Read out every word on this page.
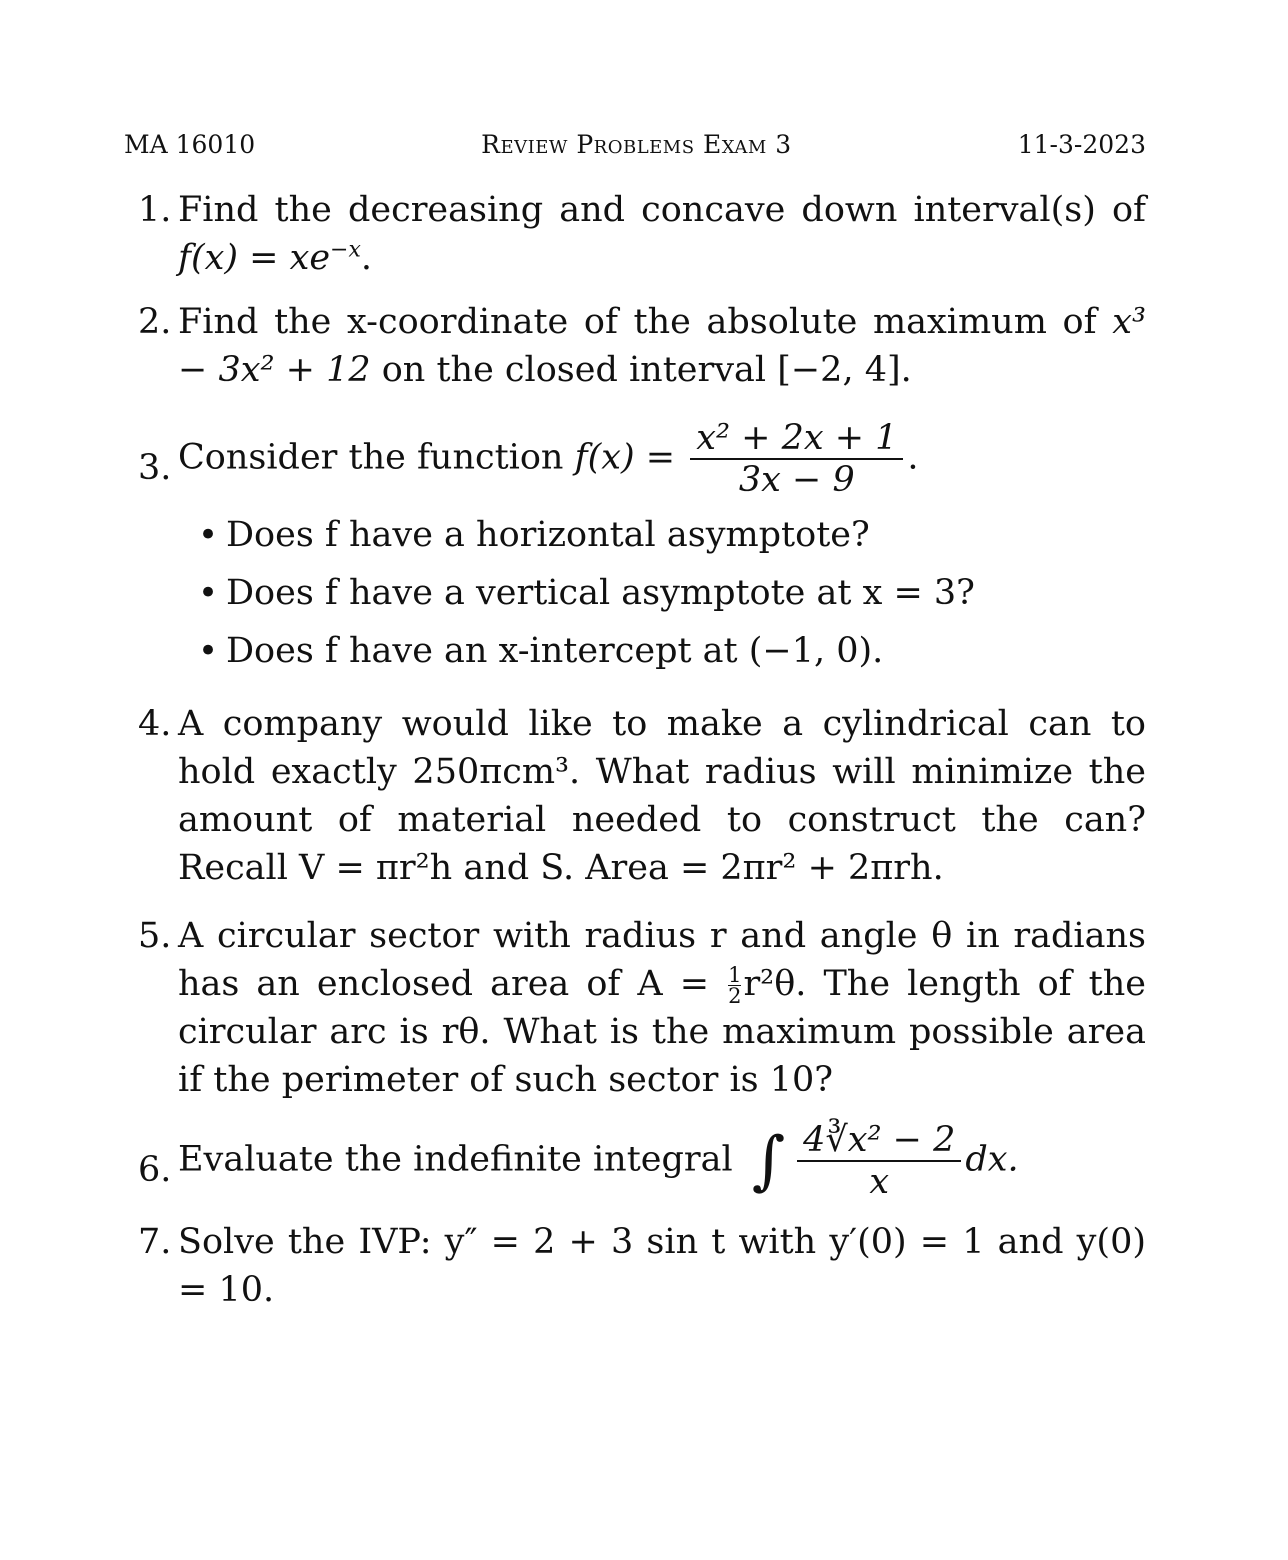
MA 16010	Review Problems Exam 3	11-3-2023
1. Find the decreasing and concave down interval(s) of $f(x) = xe^{-x}$.
2. Find the x-coordinate of the absolute maximum of x³ − 3x² + 12 on the closed interval [−2, 4].
3. Consider the function $f(x) = \frac{\text{x² + 2x + 1}}{3x - 9}$ .
• Does f have a horizontal asymptote?
• Does f have a vertical asymptote at x = 3?
• Does f have an x-intercept at (−1, 0).
4. A company would like to make a cylindrical can to hold exactly 250πcm³. What radius will minimize the amount of material needed to construct the can? Recall V = πr²h and S. Area = 2πr² + 2πrh.
5. A circular sector with radius r and angle θ in radians has an enclosed area of $A = \frac{1}{2} r^2\theta$. The length of the circular arc is rθ. What is the maximum possible area if the perimeter of such sector is 10?
6. Evaluate the indefinite integral ∫ $\frac{\text{4∛x² − 2}}{x}$ dx.
7. Solve the IVP: y″ = 2 + 3 sin t with y′(0) = 1 and y(0) = 10.
